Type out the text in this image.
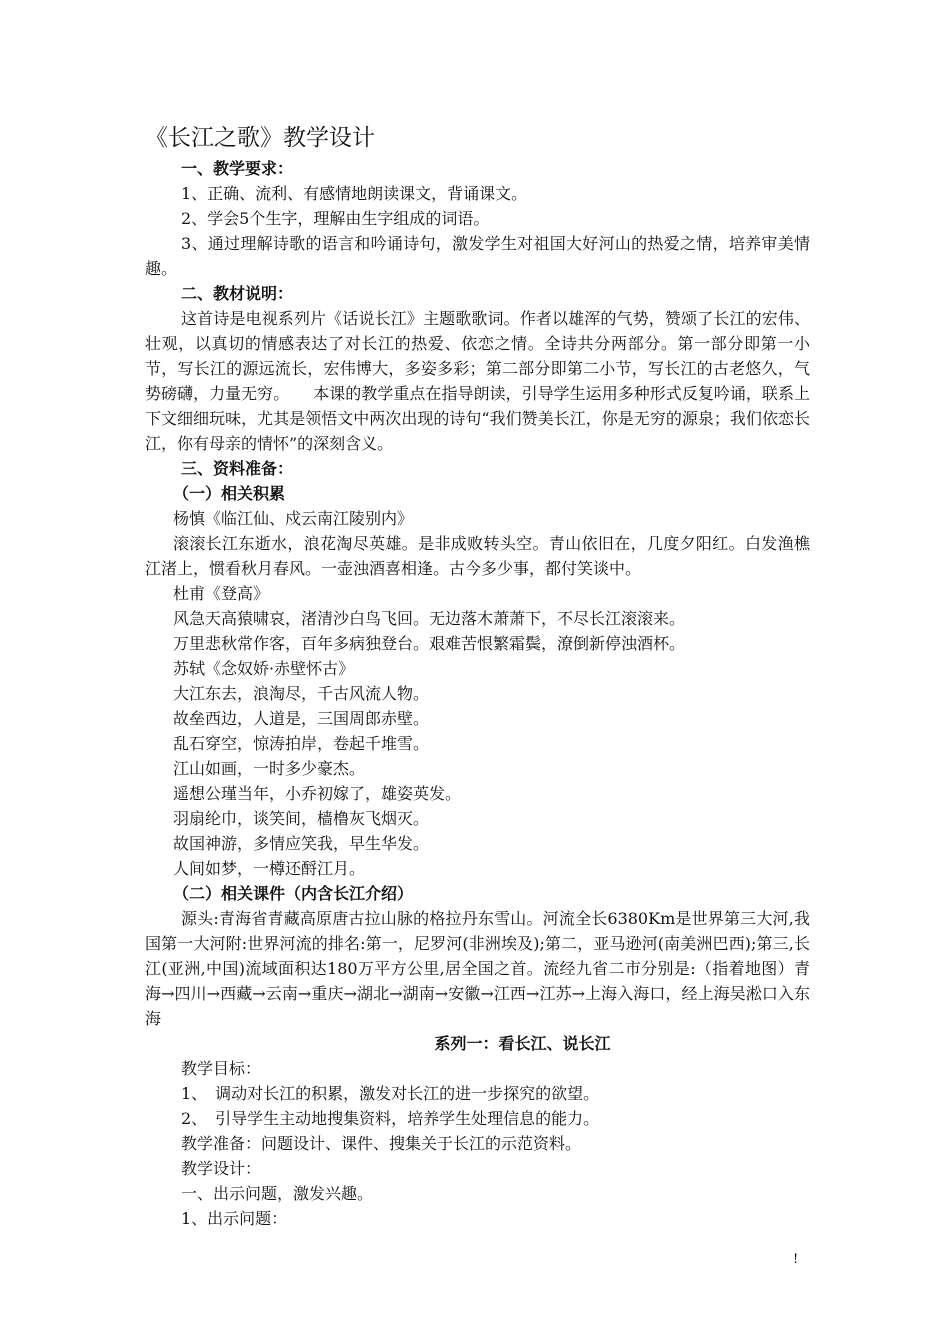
《长江之歌》教学设计

一、教学要求：

1、正确、流利、有感情地朗读课文，背诵课文。

2、学会5个生字，理解由生字组成的词语。

3、通过理解诗歌的语言和吟诵诗句，激发学生对祖国大好河山的热爱之情，培养审美情趣。

二、教材说明：

这首诗是电视系列片《话说长江》主题歌歌词。作者以雄浑的气势，赞颂了长江的宏伟、壮观，以真切的情感表达了对长江的热爱、依恋之情。全诗共分两部分。第一部分即第一小节，写长江的源远流长，宏伟博大，多姿多彩；第二部分即第二小节，写长江的古老悠久，气势磅礴，力量无穷。　　本课的教学重点在指导朗读，引导学生运用多种形式反复吟诵，联系上下文细细玩味，尤其是领悟文中两次出现的诗句“我们赞美长江，你是无穷的源泉；我们依恋长江，你有母亲的情怀”的深刻含义。

三、资料准备：

（一）相关积累

杨慎《临江仙、戍云南江陵别内》

滚滚长江东逝水，浪花淘尽英雄。是非成败转头空。青山依旧在，几度夕阳红。白发渔樵江渚上，惯看秋月春风。一壶浊酒喜相逢。古今多少事，都付笑谈中。

杜甫《登高》

风急天高猿啸哀，渚清沙白鸟飞回。无边落木萧萧下，不尽长江滚滚来。

万里悲秋常作客，百年多病独登台。艰难苦恨繁霜鬓，潦倒新停浊酒杯。

苏轼《念奴娇·赤壁怀古》

大江东去，浪淘尽，千古风流人物。

故垒西边，人道是，三国周郎赤壁。

乱石穿空，惊涛拍岸，卷起千堆雪。

江山如画，一时多少豪杰。

遥想公瑾当年，小乔初嫁了，雄姿英发。

羽扇纶巾，谈笑间，樯橹灰飞烟灭。

故国神游，多情应笑我，早生华发。

人间如梦，一樽还酹江月。

（二）相关课件（内含长江介绍）

源头:青海省青藏高原唐古拉山脉的格拉丹东雪山。河流全长6380Km是世界第三大河,我国第一大河附:世界河流的排名:第一，尼罗河(非洲埃及);第二，亚马逊河(南美洲巴西);第三,长江(亚洲,中国)流域面积达180万平方公里,居全国之首。流经九省二市分别是:（指着地图）青海→四川→西藏→云南→重庆→湖北→湖南→安徽→江西→江苏→上海入海口，经上海吴淞口入东海

系列一：看长江、说长江

教学目标：

1、　调动对长江的积累，激发对长江的进一步探究的欲望。

2、　引导学生主动地搜集资料，培养学生处理信息的能力。

教学准备：问题设计、课件、搜集关于长江的示范资料。

教学设计：

一、出示问题，激发兴趣。

1、出示问题：

!
